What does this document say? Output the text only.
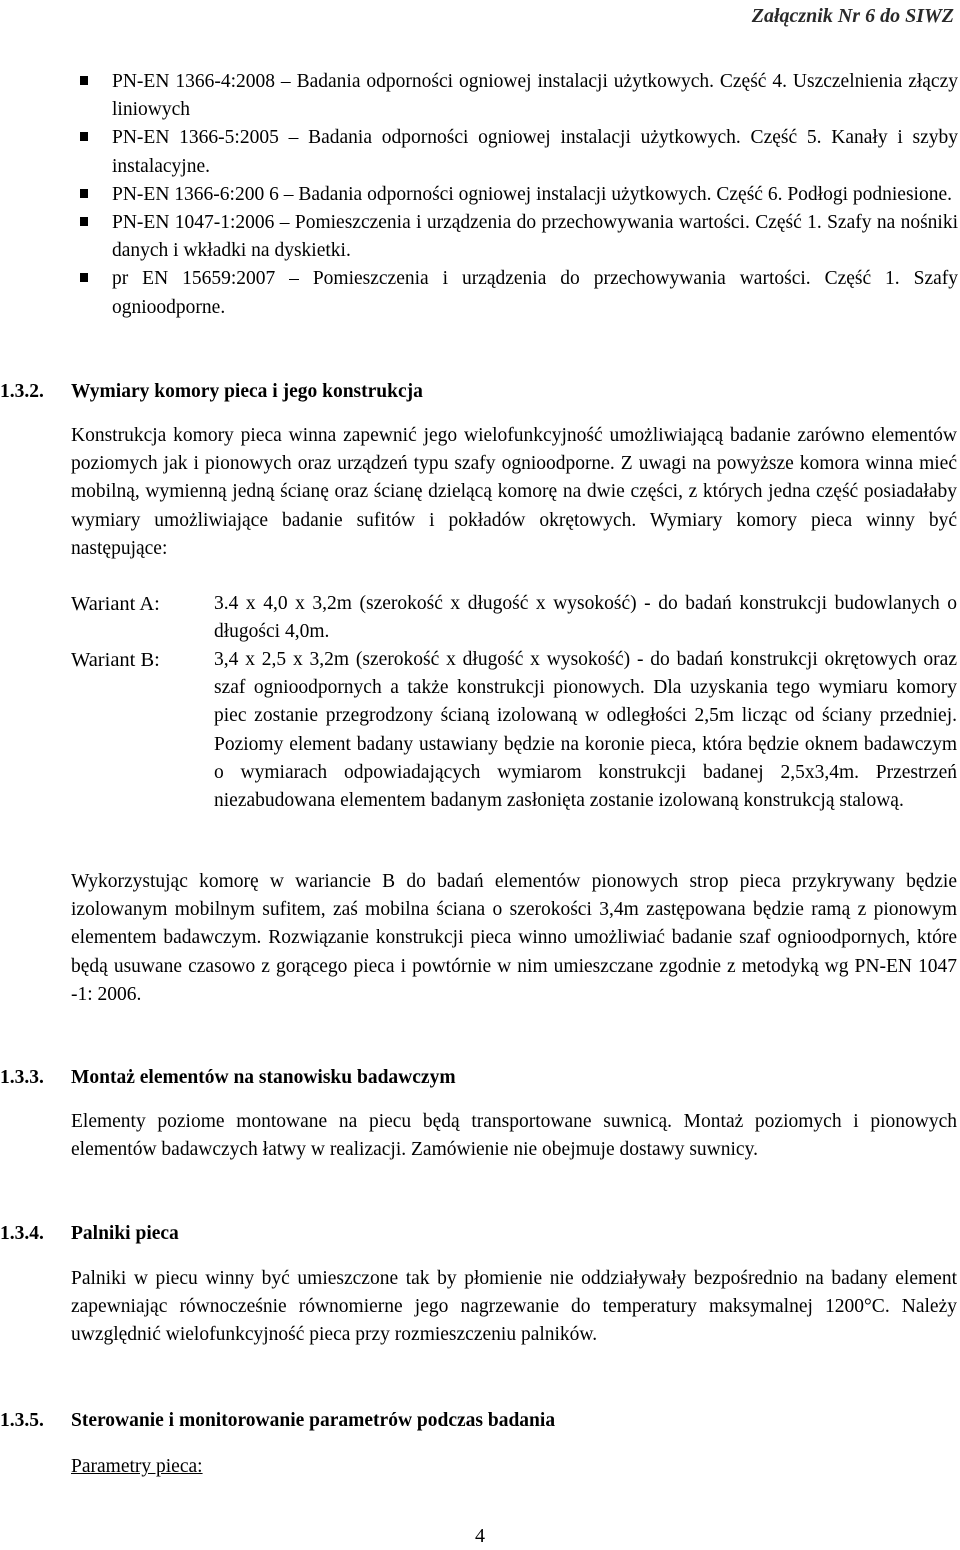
Załącznik Nr 6 do SIWZ
PN-EN 1366-4:2008 – Badania odporności ogniowej instalacji użytkowych. Część 4. Uszczelnienia złączy liniowych
PN-EN 1366-5:2005 – Badania odporności ogniowej instalacji użytkowych. Część 5. Kanały i szyby instalacyjne.
PN-EN 1366-6:200 6 – Badania odporności ogniowej instalacji użytkowych. Część 6. Podłogi podniesione.
PN-EN 1047-1:2006 – Pomieszczenia i urządzenia do przechowywania wartości. Część 1. Szafy na nośniki danych i wkładki na dyskietki.
pr EN 15659:2007 – Pomieszczenia i urządzenia do przechowywania wartości. Część 1. Szafy ognioodporne.
1.3.2. Wymiary komory pieca i jego konstrukcja

Konstrukcja komory pieca winna zapewnić jego wielofunkcyjność umożliwiającą badanie zarówno elementów poziomych jak i pionowych oraz urządzeń typu szafy ognioodporne. Z uwagi na powyższe komora winna mieć mobilną, wymienną jedną ścianę oraz ścianę dzielącą komorę na dwie części, z których jedna część posiadałaby wymiary umożliwiające badanie sufitów i pokładów okrętowych. Wymiary komory pieca winny być następujące:

Wariant A:	3.4 x 4,0 x 3,2m (szerokość x długość x wysokość) - do badań konstrukcji budowlanych o długości 4,0m.

Wariant B:	3,4 x 2,5 x 3,2m (szerokość x długość x wysokość) - do badań konstrukcji okrętowych oraz szaf ognioodpornych a także konstrukcji pionowych. Dla uzyskania tego wymiaru komory piec zostanie przegrodzony ścianą izolowaną w odległości 2,5m licząc od ściany przedniej. Poziomy element badany ustawiany będzie na koronie pieca, która będzie oknem badawczym o wymiarach odpowiadających wymiarom konstrukcji badanej 2,5x3,4m. Przestrzeń niezabudowana elementem badanym zasłonięta zostanie izolowaną konstrukcją stalową.

Wykorzystując komorę w wariancie B do badań elementów pionowych strop pieca przykrywany będzie izolowanym mobilnym sufitem, zaś mobilna ściana o szerokości 3,4m zastępowana będzie ramą z pionowym elementem badawczym. Rozwiązanie konstrukcji pieca winno umożliwiać badanie szaf ognioodpornych, które będą usuwane czasowo z gorącego pieca i powtórnie w nim umieszczane zgodnie z metodyką wg PN-EN 1047 -1: 2006.

1.3.3. Montaż elementów na stanowisku badawczym

Elementy poziome montowane na piecu będą transportowane suwnicą. Montaż poziomych i pionowych elementów badawczych łatwy w realizacji. Zamówienie nie obejmuje dostawy suwnicy.

1.3.4. Palniki pieca

Palniki w piecu winny być umieszczone tak by płomienie nie oddziaływały bezpośrednio na badany element zapewniając równocześnie równomierne jego nagrzewanie do temperatury maksymalnej 1200°C. Należy uwzględnić wielofunkcyjność pieca przy rozmieszczeniu palników.

1.3.5. Sterowanie i monitorowanie parametrów podczas badania
Parametry pieca:
4
